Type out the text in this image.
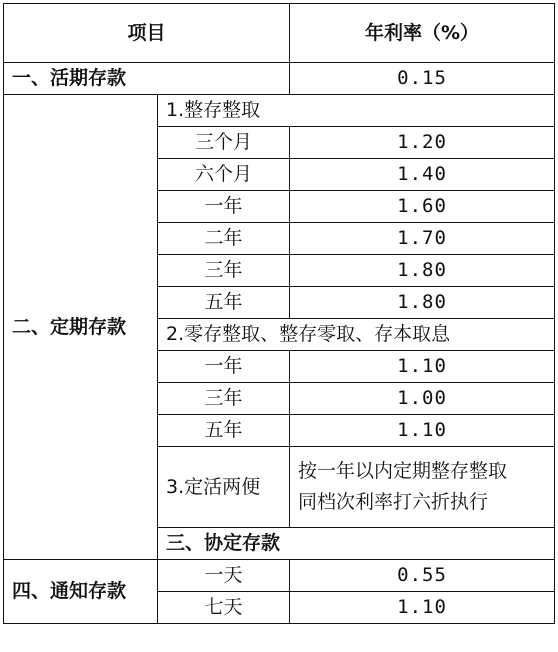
项目		年利率（%）	
一、活期存款		0.15	
二、定期存款	1.整存整取		
	三个月	1.20	
	六个月	1.40	
	一年	1.60	
	二年	1.70	
	三年	1.80	
	五年	1.80	
	2.零存整取、整存零取、存本取息		
	一年	1.10	
	三年	1.00	
	五年	1.10	
	3.定活两便	按一年以内定期整存整取
同档次利率打六折执行	

	三、协定存款	
四、通知存款	一天	0.55	
	七天	1.10	
